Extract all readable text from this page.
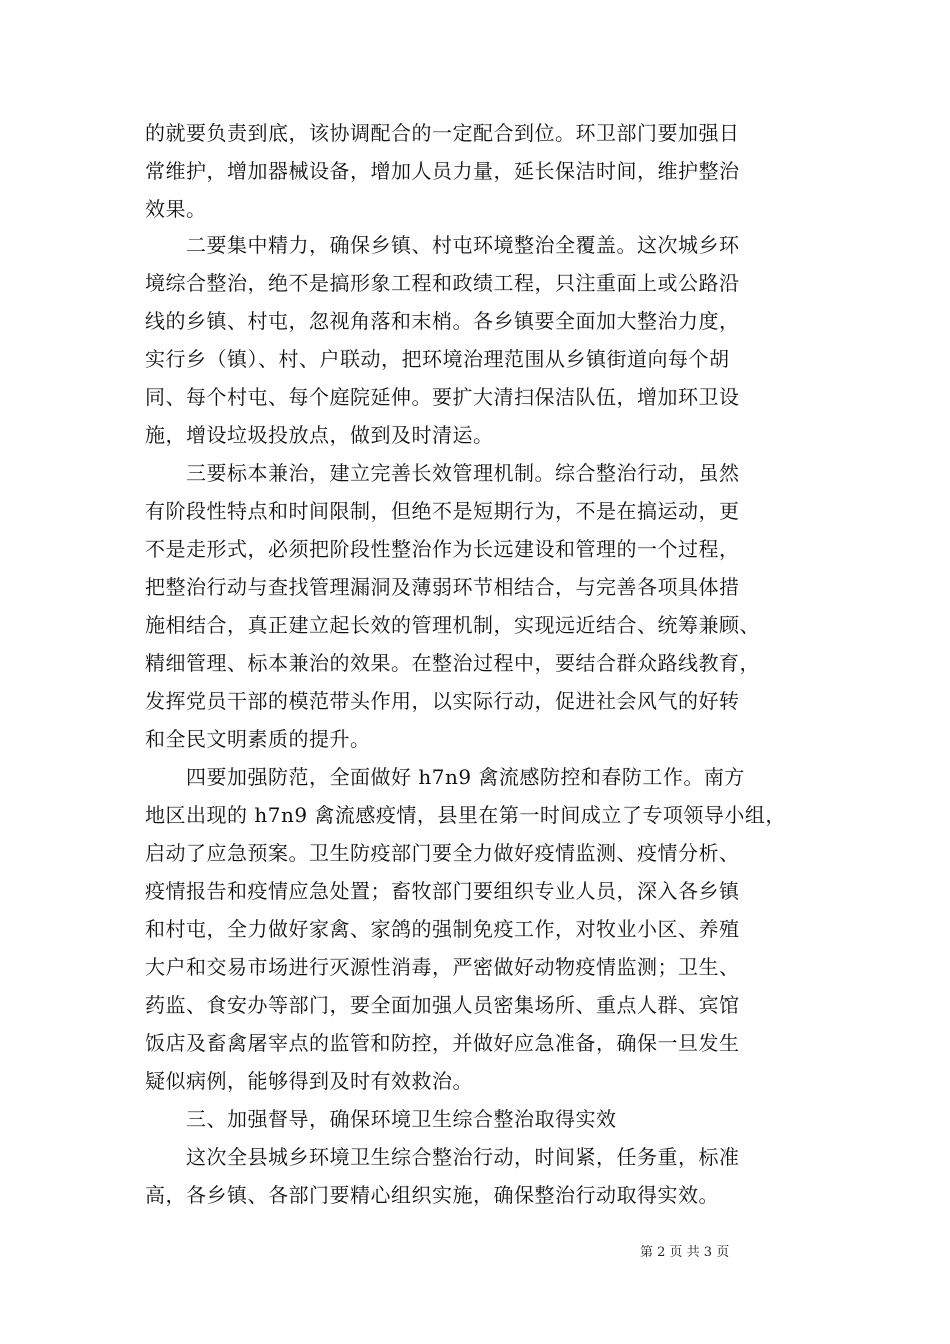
的就要负责到底，该协调配合的一定配合到位。环卫部门要加强日
常维护，增加器械设备，增加人员力量，延长保洁时间，维护整治
效果。
　　二要集中精力，确保乡镇、村屯环境整治全覆盖。这次城乡环
境综合整治，绝不是搞形象工程和政绩工程，只注重面上或公路沿
线的乡镇、村屯，忽视角落和末梢。各乡镇要全面加大整治力度，
实行乡（镇）、村、户联动，把环境治理范围从乡镇街道向每个胡
同、每个村屯、每个庭院延伸。要扩大清扫保洁队伍，增加环卫设
施，增设垃圾投放点，做到及时清运。
　　三要标本兼治，建立完善长效管理机制。综合整治行动，虽然
有阶段性特点和时间限制，但绝不是短期行为，不是在搞运动，更
不是走形式，必须把阶段性整治作为长远建设和管理的一个过程，
把整治行动与查找管理漏洞及薄弱环节相结合，与完善各项具体措
施相结合，真正建立起长效的管理机制，实现远近结合、统筹兼顾、
精细管理、标本兼治的效果。在整治过程中，要结合群众路线教育，
发挥党员干部的模范带头作用，以实际行动，促进社会风气的好转
和全民文明素质的提升。
　　四要加强防范，全面做好 h7n9 禽流感防控和春防工作。南方
地区出现的 h7n9 禽流感疫情，县里在第一时间成立了专项领导小组，
启动了应急预案。卫生防疫部门要全力做好疫情监测、疫情分析、
疫情报告和疫情应急处置；畜牧部门要组织专业人员，深入各乡镇
和村屯，全力做好家禽、家鸽的强制免疫工作，对牧业小区、养殖
大户和交易市场进行灭源性消毒，严密做好动物疫情监测；卫生、
药监、食安办等部门，要全面加强人员密集场所、重点人群、宾馆
饭店及畜禽屠宰点的监管和防控，并做好应急准备，确保一旦发生
疑似病例，能够得到及时有效救治。
　　三、加强督导，确保环境卫生综合整治取得实效
　　这次全县城乡环境卫生综合整治行动，时间紧，任务重，标准
高，各乡镇、各部门要精心组织实施，确保整治行动取得实效。
第 2 页 共 3 页
